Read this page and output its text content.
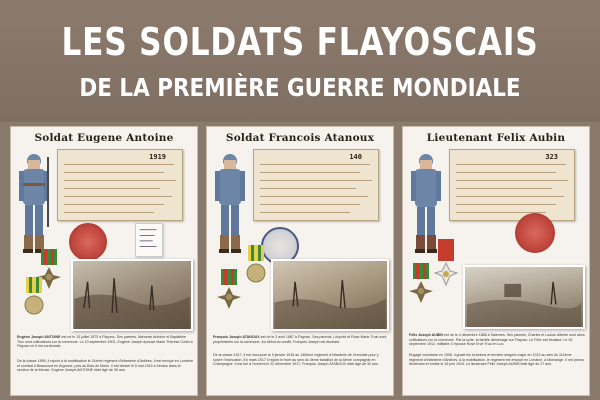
LES SOLDATS FLAYOSCAIS
DE LA PREMIÈRE GUERRE MONDIALE
Soldat Eugene Antoine
1919
Eugène Joseph ANTOINE est né le 13 juillet 1875 à Flayosc. Ses parents, Nahomin Antoine et Baptistine Truc sont cultivateurs sur la commune. Le 10 septembre 1901, Eugène Joseph épouse Marie Thérèse Collet à Flayosc où il est cordonnier.
De la classe 1895, il rejoint à la mobilisation le 31ème régiment d'infanterie d'Antibes. Il est envoyé en Lorraine et combat à Beaucourt en Argonne, puis au Bois de Morin. Il est blessé le 5 mai 1915 à Verdun dans le secteur de la Meuse. Eugène Joseph ANTOINE était âgé de 39 ans.
Soldat Francois Atanoux
140
François Joseph ATANOUX est né le 3 avril 1887 à Flayosc. Ses parents, Léopold et Rose Marie Truin sont propriétaires sur la commune. Au début du conflit, François Joseph est étudiant.
De la classe 1917, il est incorporé le 9 janvier 1916 au 140ème régiment d'infanterie de Grenoble pour y suivre l'instruction. En mars 1917 il rejoint le front au sein du 4ème bataillon de la 6ème compagnie en Champagne. Il est tué à l'ennemi le 22 décembre 1917. François Joseph ATANOUX était âgé de 30 ans.
Lieutenant Felix Aubin
323
Félix Joseph AUBIN est né le 4 décembre 1888 à Salernes. Ses parents, Charles et Louise Alberte sont alors cultivateurs sur la commune. Par la suite, la famille déménage sur Flayosc. Le Félix est étudiant. Le 26 septembre 1912, militaire, il épouse Rose Ervé Truc en Lux.
Engagé volontaire en 1906, il gravit les échelons et termine sergent-major en 1913 au sein du 111ème régiment d'infanterie d'Antibes. A la mobilisation, le régiment est envoyé en Lorraine, à Morhange. Il est promu lieutenant et tombe le 16 juin 1915. Le lieutenant Félix Joseph AUBIN était âgé de 27 ans.
